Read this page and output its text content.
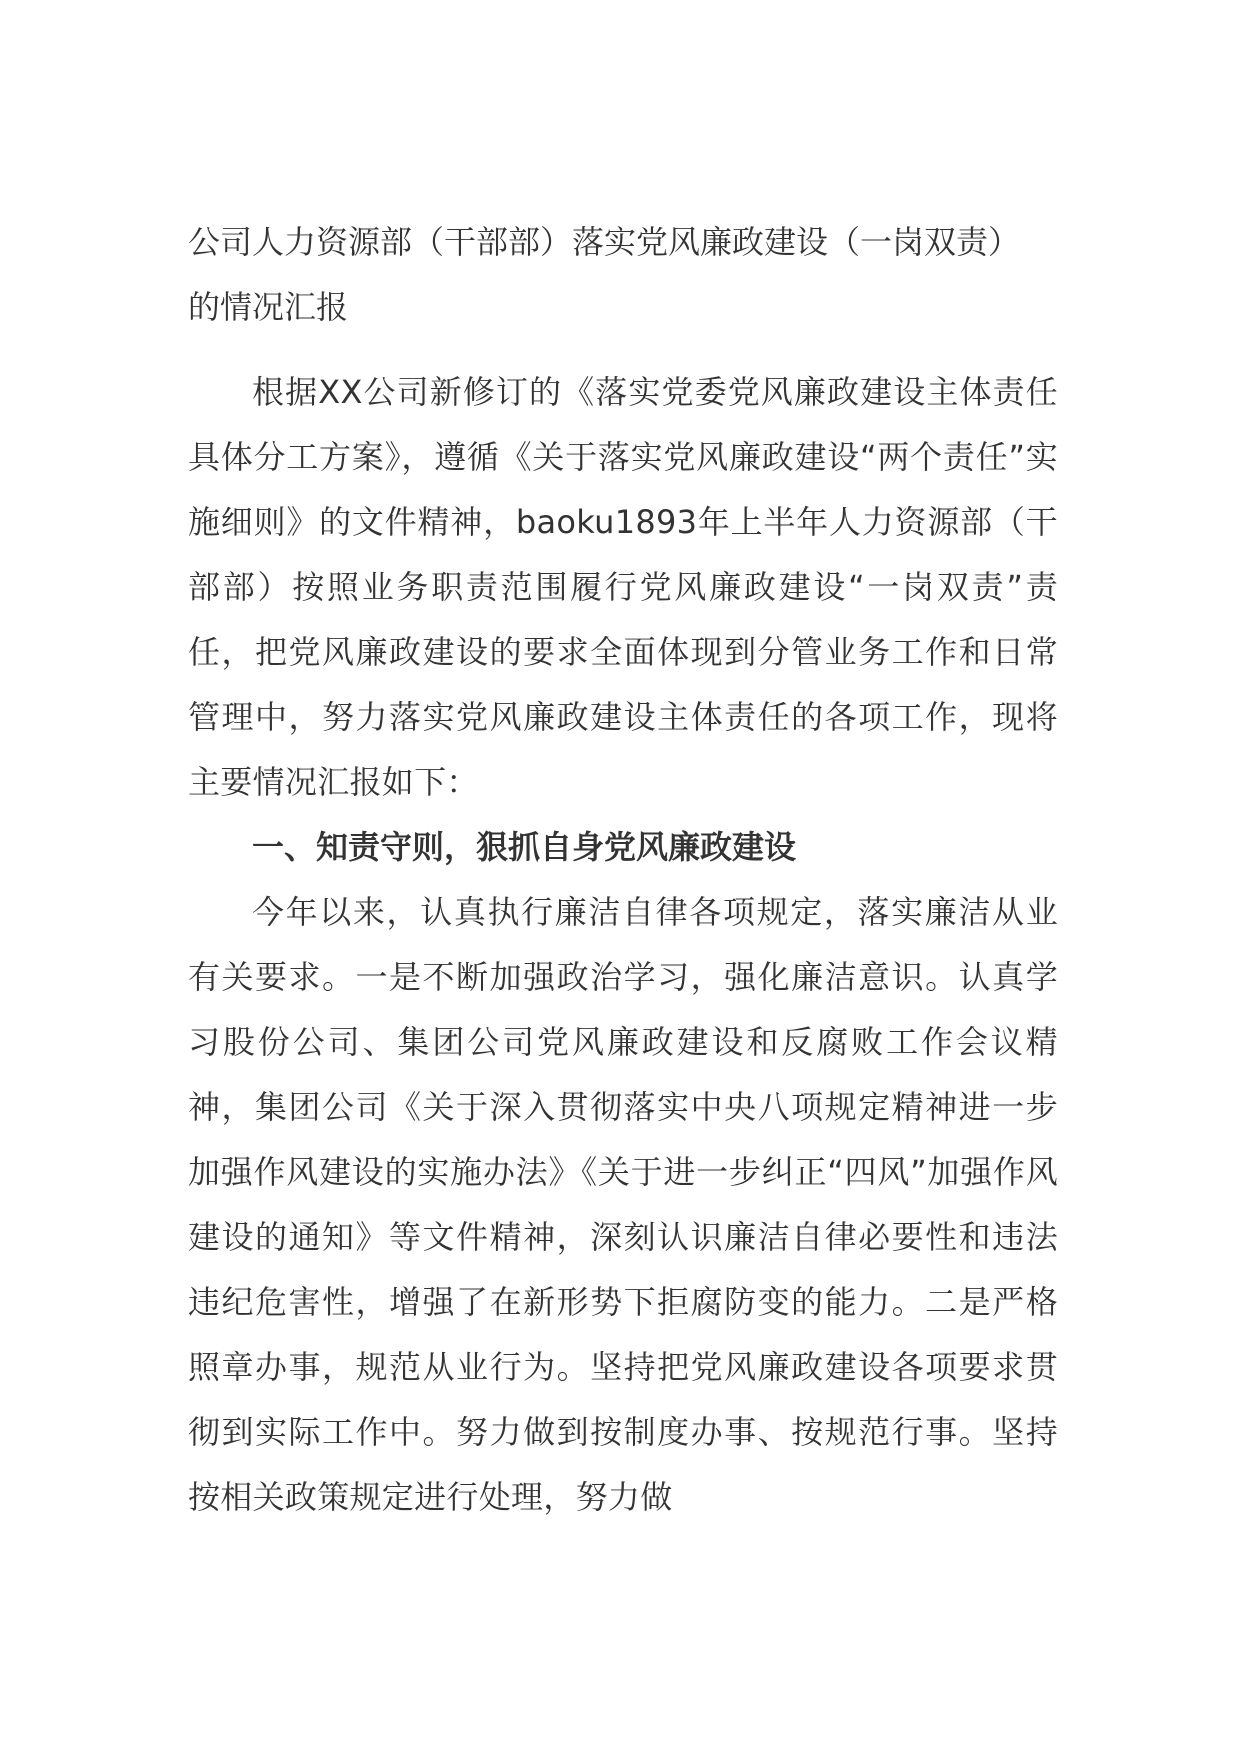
公司人力资源部（干部部）落实党风廉政建设（一岗双责）的情况汇报

根据XX公司新修订的《落实党委党风廉政建设主体责任具体分工方案》，遵循《关于落实党风廉政建设“两个责任”实施细则》的文件精神，baoku1893年上半年人力资源部（干部部）按照业务职责范围履行党风廉政建设“一岗双责”责任，把党风廉政建设的要求全面体现到分管业务工作和日常管理中，努力落实党风廉政建设主体责任的各项工作，现将主要情况汇报如下：

一、知责守则，狠抓自身党风廉政建设

今年以来，认真执行廉洁自律各项规定，落实廉洁从业有关要求。一是不断加强政治学习，强化廉洁意识。认真学习股份公司、集团公司党风廉政建设和反腐败工作会议精神，集团公司《关于深入贯彻落实中央八项规定精神进一步加强作风建设的实施办法》《关于进一步纠正“四风”加强作风建设的通知》等文件精神，深刻认识廉洁自律必要性和违法违纪危害性，增强了在新形势下拒腐防变的能力。二是严格照章办事，规范从业行为。坚持把党风廉政建设各项要求贯彻到实际工作中。努力做到按制度办事、按规范行事。坚持按相关政策规定进行处理，努力做
